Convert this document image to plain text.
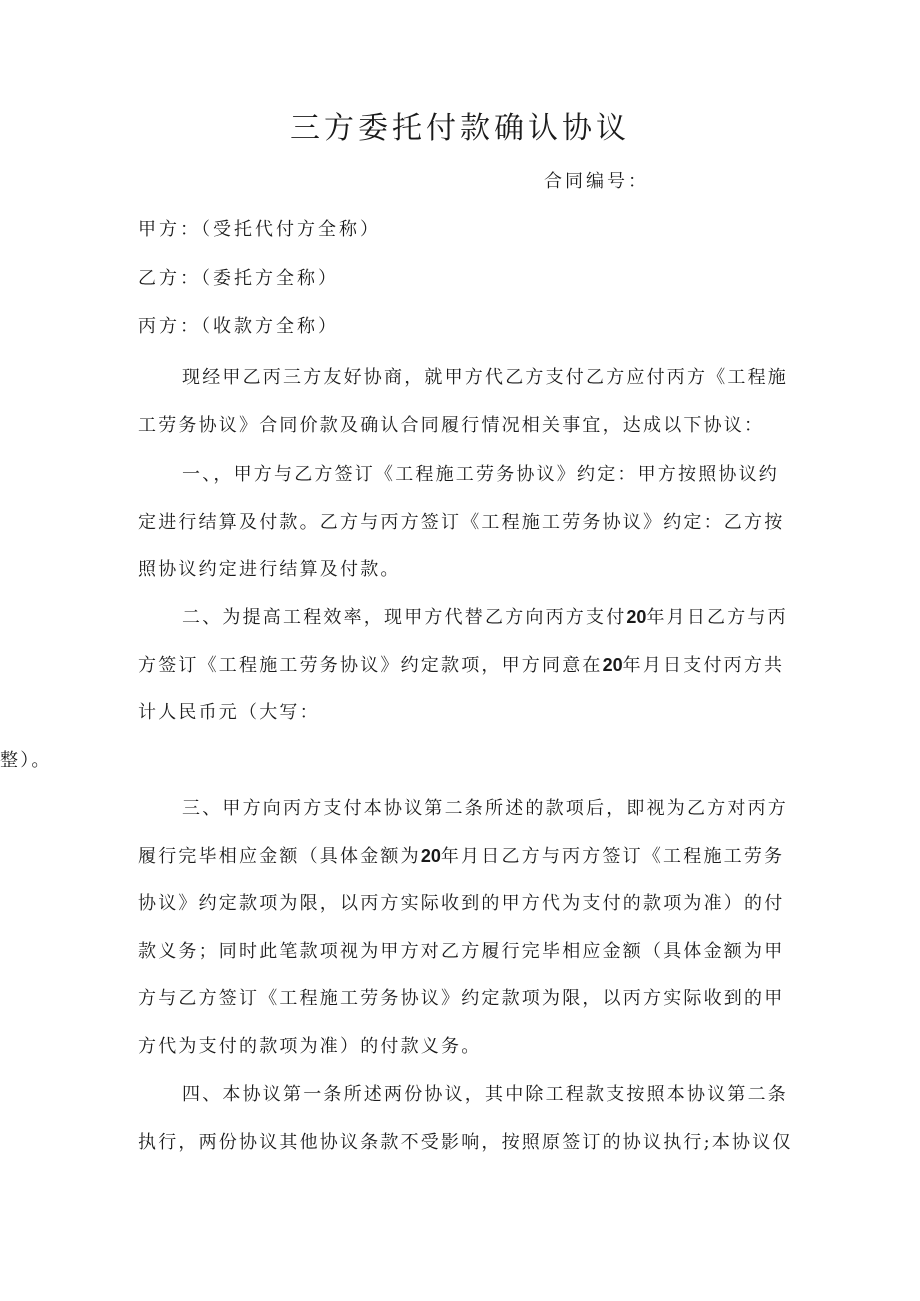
三方委托付款确认协议
合同编号：
甲方：（受托代付方全称）
乙方：（委托方全称）
丙方：（收款方全称）
现经甲乙丙三方友好协商，就甲方代乙方支付乙方应付丙方《工程施
工劳务协议》合同价款及确认合同履行情况相关事宜，达成以下协议：
一、，甲方与乙方签订《工程施工劳务协议》约定：甲方按照协议约
定进行结算及付款。乙方与丙方签订《工程施工劳务协议》约定：乙方按
照协议约定进行结算及付款。
二、为提高工程效率，现甲方代替乙方向丙方支付20年月日乙方与丙
方签订《工程施工劳务协议》约定款项，甲方同意在20年月日支付丙方共
计人民币元（大写：
整）。
三、甲方向丙方支付本协议第二条所述的款项后，即视为乙方对丙方
履行完毕相应金额（具体金额为20年月日乙方与丙方签订《工程施工劳务
协议》约定款项为限，以丙方实际收到的甲方代为支付的款项为准）的付
款义务；同时此笔款项视为甲方对乙方履行完毕相应金额（具体金额为甲
方与乙方签订《工程施工劳务协议》约定款项为限，以丙方实际收到的甲
方代为支付的款项为准）的付款义务。
四、本协议第一条所述两份协议，其中除工程款支按照本协议第二条
执行，两份协议其他协议条款不受影响，按照原签订的协议执行;本协议仅
